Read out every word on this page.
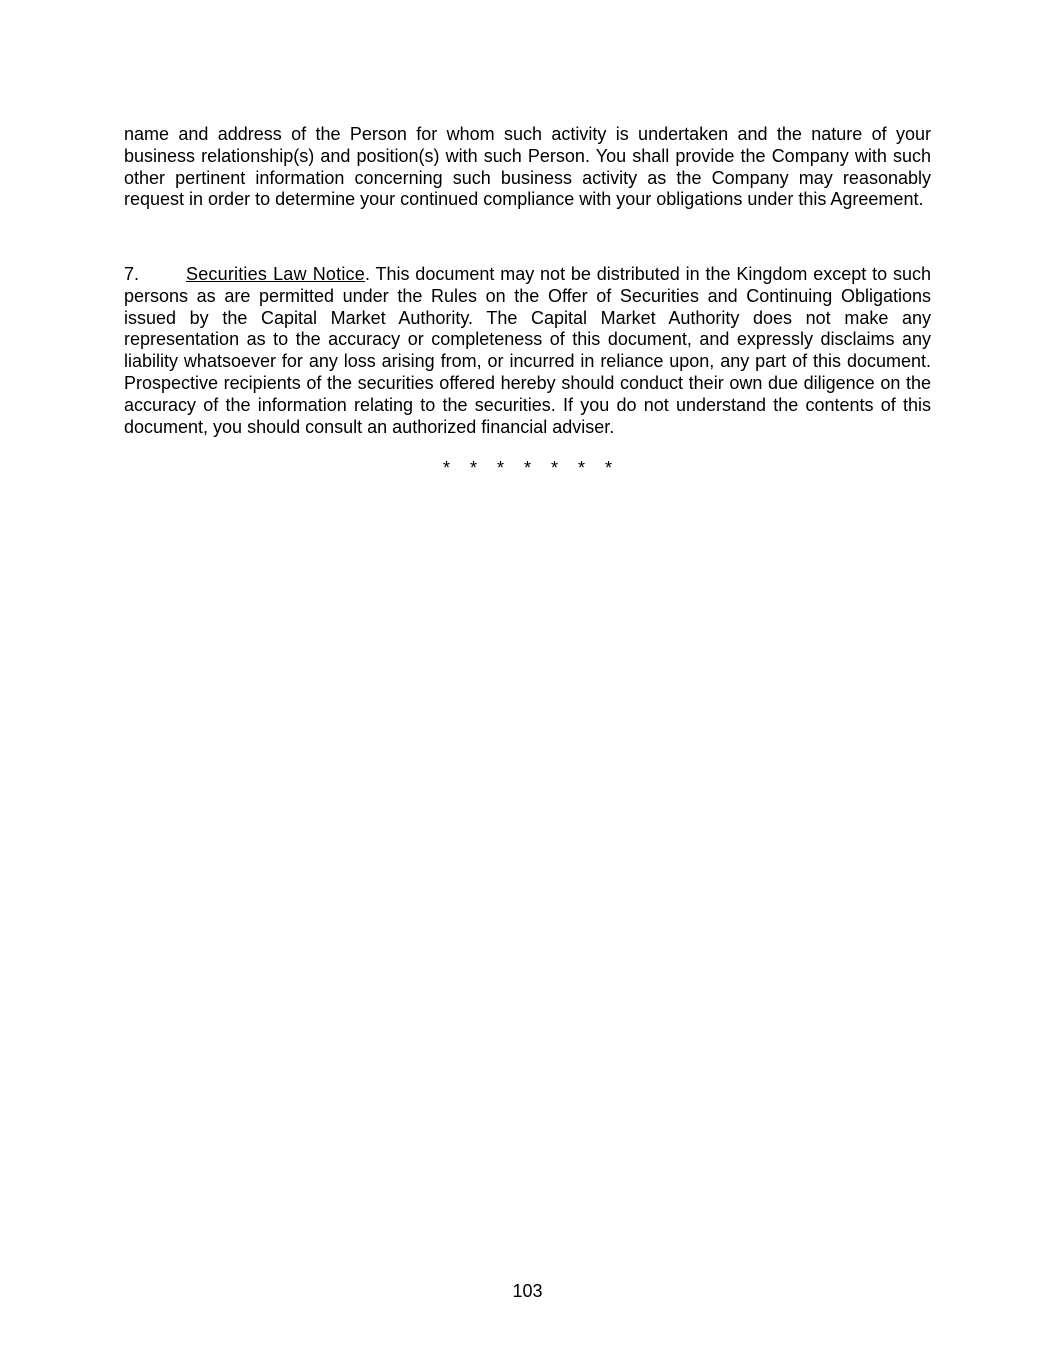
name and address of the Person for whom such activity is undertaken and the nature of your business relationship(s) and position(s) with such Person. You shall provide the Company with such other pertinent information concerning such business activity as the Company may reasonably request in order to determine your continued compliance with your obligations under this Agreement.

7.	Securities Law Notice. This document may not be distributed in the Kingdom except to such persons as are permitted under the Rules on the Offer of Securities and Continuing Obligations issued by the Capital Market Authority. The Capital Market Authority does not make any representation as to the accuracy or completeness of this document, and expressly disclaims any liability whatsoever for any loss arising from, or incurred in reliance upon, any part of this document. Prospective recipients of the securities offered hereby should conduct their own due diligence on the accuracy of the information relating to the securities. If you do not understand the contents of this document, you should consult an authorized financial adviser.

*    *    *    *    *    *    *
103
